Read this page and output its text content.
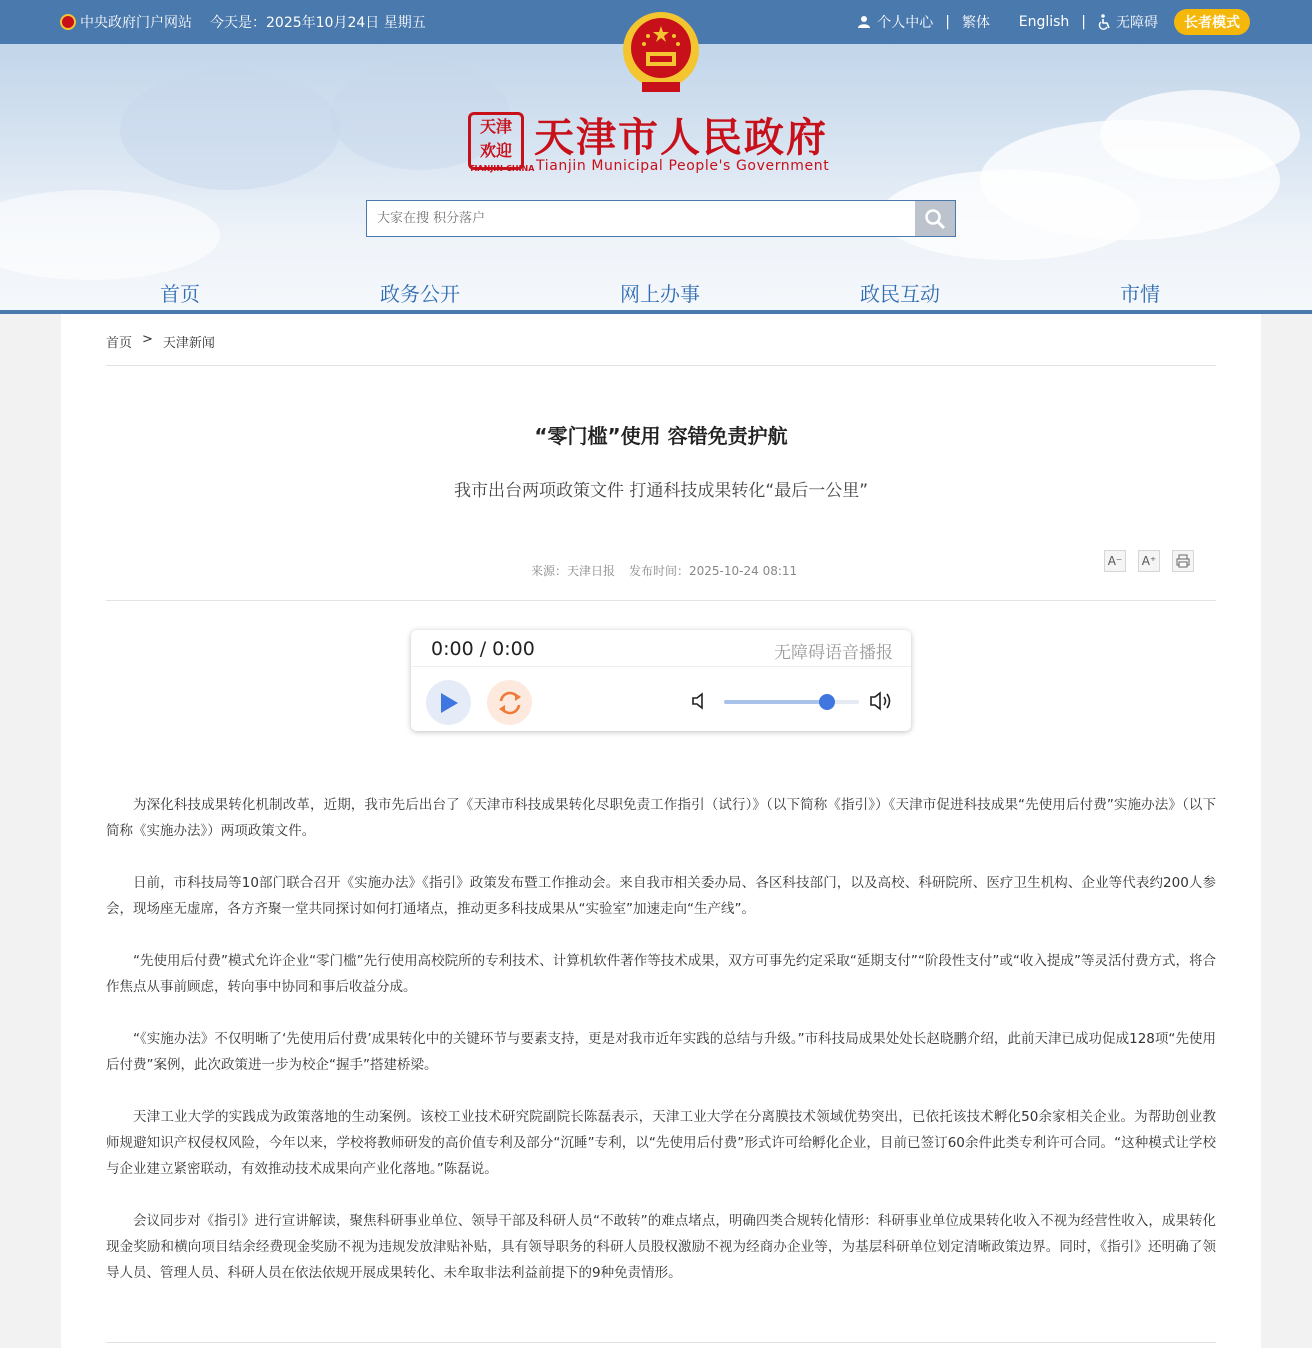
中央政府门户网站 今天是：2025年10月24日 星期五	个人中心 | 繁体 English | 无障碍	长者模式
天津
欢迎
TIANJIN·CHINA
天津市人民政府
Tianjin Municipal People's Government
大家在搜 积分落户
首页	政务公开	网上办事	政民互动	市情
首页 > 天津新闻
“零门槛”使用 容错免责护航
我市出台两项政策文件 打通科技成果转化“最后一公里”
来源：天津日报 发布时间：2025-10-24 08:11
A⁻ A⁺
0:00 / 0:00	无障碍语音播报

为深化科技成果转化机制改革，近期，我市先后出台了《天津市科技成果转化尽职免责工作指引（试行）》（以下简称《指引》）《天津市促进科技成果“先使用后付费”实施办法》（以下简称《实施办法》）两项政策文件。

日前，市科技局等10部门联合召开《实施办法》《指引》政策发布暨工作推动会。来自我市相关委办局、各区科技部门，以及高校、科研院所、医疗卫生机构、企业等代表约200人参会，现场座无虚席，各方齐聚一堂共同探讨如何打通堵点，推动更多科技成果从“实验室”加速走向“生产线”。

“先使用后付费”模式允许企业“零门槛”先行使用高校院所的专利技术、计算机软件著作等技术成果，双方可事先约定采取“延期支付”“阶段性支付”或“收入提成”等灵活付费方式，将合作焦点从事前顾虑，转向事中协同和事后收益分成。

“《实施办法》不仅明晰了‘先使用后付费’成果转化中的关键环节与要素支持，更是对我市近年实践的总结与升级。”市科技局成果处处长赵晓鹏介绍，此前天津已成功促成128项“先使用后付费”案例，此次政策进一步为校企“握手”搭建桥梁。

天津工业大学的实践成为政策落地的生动案例。该校工业技术研究院副院长陈磊表示，天津工业大学在分离膜技术领域优势突出，已依托该技术孵化50余家相关企业。为帮助创业教师规避知识产权侵权风险，今年以来，学校将教师研发的高价值专利及部分“沉睡”专利，以“先使用后付费”形式许可给孵化企业，目前已签订60余件此类专利许可合同。“这种模式让学校与企业建立紧密联动，有效推动技术成果向产业化落地。”陈磊说。

会议同步对《指引》进行宣讲解读，聚焦科研事业单位、领导干部及科研人员“不敢转”的难点堵点，明确四类合规转化情形：科研事业单位成果转化收入不视为经营性收入，成果转化现金奖励和横向项目结余经费现金奖励不视为违规发放津贴补贴，具有领导职务的科研人员股权激励不视为经商办企业等，为基层科研单位划定清晰政策边界。同时，《指引》还明确了领导人员、管理人员、科研人员在依法依规开展成果转化、未牟取非法利益前提下的9种免责情形。
